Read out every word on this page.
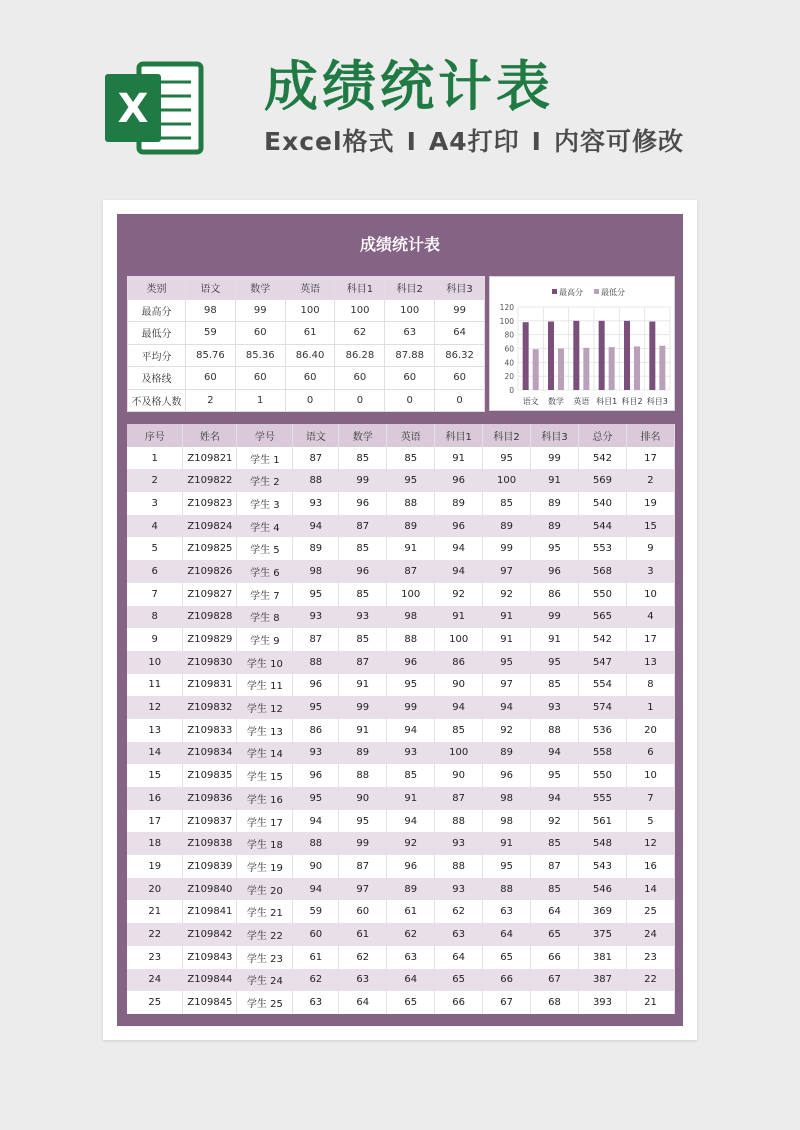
X 成绩统计表
Excel格式 I A4打印 I 内容可修改
成绩统计表
类别	语文	数学	英语	科目1	科目2	科目3
最高分	98	99	100	100	100	99
最低分	59	60	61	62	63	64
平均分	85.76	85.36	86.40	86.28	87.88	86.32
及格线	60	60	60	60	60	60
不及格人数	2	1	0	0	0	0
最高分 最低分
0
20
40
60
80
100
120
语文 数学 英语 科目1 科目2 科目3
序号	姓名	学号	语文	数学	英语	科目1	科目2	科目3	总分	排名
1	Z109821	学生 1	87	85	85	91	95	99	542	17
2	Z109822	学生 2	88	99	95	96	100	91	569	2
3	Z109823	学生 3	93	96	88	89	85	89	540	19
4	Z109824	学生 4	94	87	89	96	89	89	544	15
5	Z109825	学生 5	89	85	91	94	99	95	553	9
6	Z109826	学生 6	98	96	87	94	97	96	568	3
7	Z109827	学生 7	95	85	100	92	92	86	550	10
8	Z109828	学生 8	93	93	98	91	91	99	565	4
9	Z109829	学生 9	87	85	88	100	91	91	542	17
10	Z109830	学生 10	88	87	96	86	95	95	547	13
11	Z109831	学生 11	96	91	95	90	97	85	554	8
12	Z109832	学生 12	95	99	99	94	94	93	574	1
13	Z109833	学生 13	86	91	94	85	92	88	536	20
14	Z109834	学生 14	93	89	93	100	89	94	558	6
15	Z109835	学生 15	96	88	85	90	96	95	550	10
16	Z109836	学生 16	95	90	91	87	98	94	555	7
17	Z109837	学生 17	94	95	94	88	98	92	561	5
18	Z109838	学生 18	88	99	92	93	91	85	548	12
19	Z109839	学生 19	90	87	96	88	95	87	543	16
20	Z109840	学生 20	94	97	89	93	88	85	546	14
21	Z109841	学生 21	59	60	61	62	63	64	369	25
22	Z109842	学生 22	60	61	62	63	64	65	375	24
23	Z109843	学生 23	61	62	63	64	65	66	381	23
24	Z109844	学生 24	62	63	64	65	66	67	387	22
25	Z109845	学生 25	63	64	65	66	67	68	393	21
